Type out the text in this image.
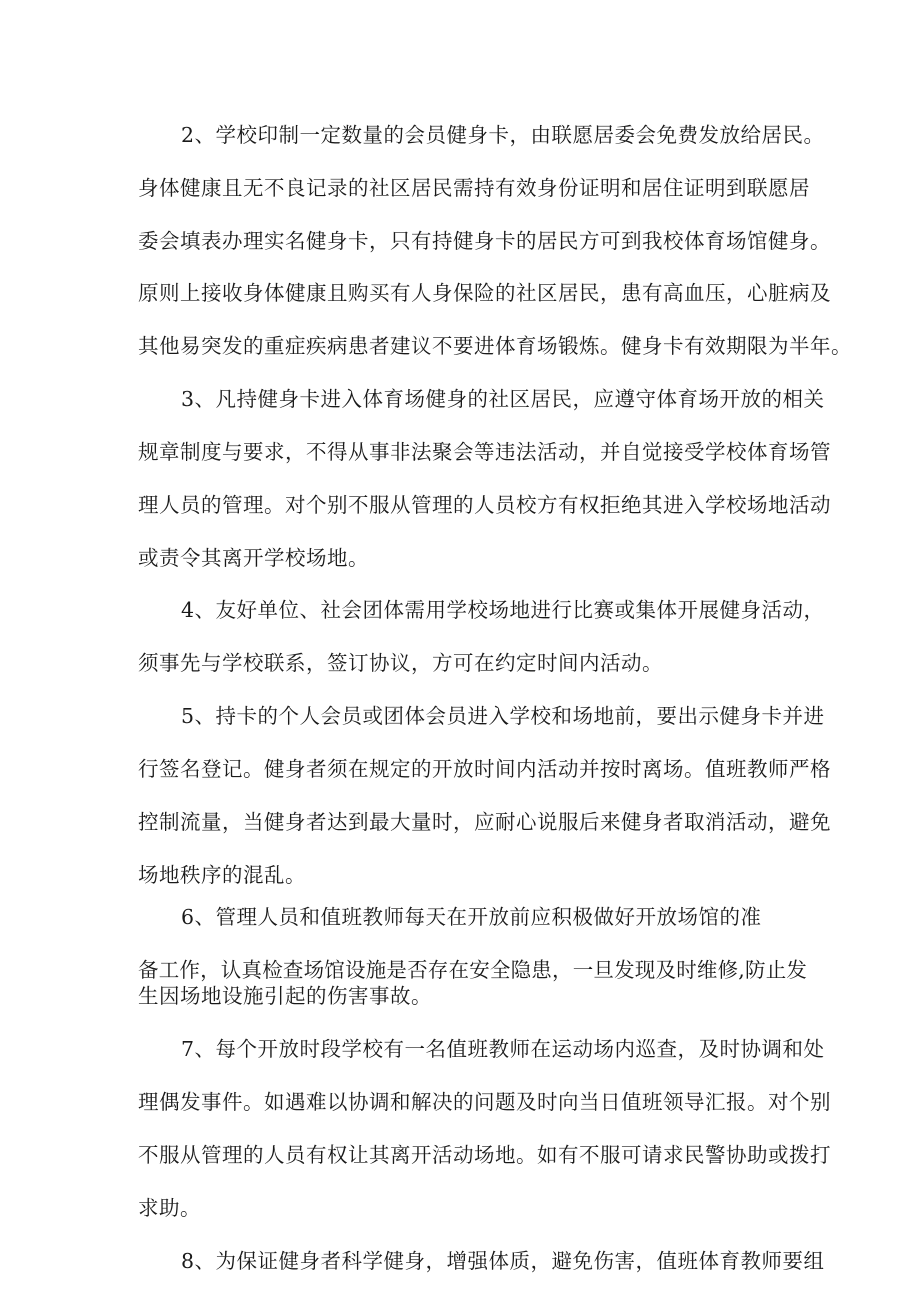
2、学校印制一定数量的会员健身卡，由联愿居委会免费发放给居民。
身体健康且无不良记录的社区居民需持有效身份证明和居住证明到联愿居
委会填表办理实名健身卡，只有持健身卡的居民方可到我校体育场馆健身。
原则上接收身体健康且购买有人身保险的社区居民，患有高血压，心脏病及
其他易突发的重症疾病患者建议不要进体育场锻炼。健身卡有效期限为半年。
3、凡持健身卡进入体育场健身的社区居民，应遵守体育场开放的相关
规章制度与要求，不得从事非法聚会等违法活动，并自觉接受学校体育场管
理人员的管理。对个别不服从管理的人员校方有权拒绝其进入学校场地活动
或责令其离开学校场地。
4、友好单位、社会团体需用学校场地进行比赛或集体开展健身活动，
须事先与学校联系，签订协议，方可在约定时间内活动。
5、持卡的个人会员或团体会员进入学校和场地前，要出示健身卡并进
行签名登记。健身者须在规定的开放时间内活动并按时离场。值班教师严格
控制流量，当健身者达到最大量时，应耐心说服后来健身者取消活动，避免
场地秩序的混乱。
6、管理人员和值班教师每天在开放前应积极做好开放场馆的准
备工作，认真检查场馆设施是否存在安全隐患，一旦发现及时维修,防止发
生因场地设施引起的伤害事故。
7、每个开放时段学校有一名值班教师在运动场内巡查，及时协调和处
理偶发事件。如遇难以协调和解决的问题及时向当日值班领导汇报。对个别
不服从管理的人员有权让其离开活动场地。如有不服可请求民警协助或拨打
求助。
8、为保证健身者科学健身，增强体质，避免伤害，值班体育教师要组
